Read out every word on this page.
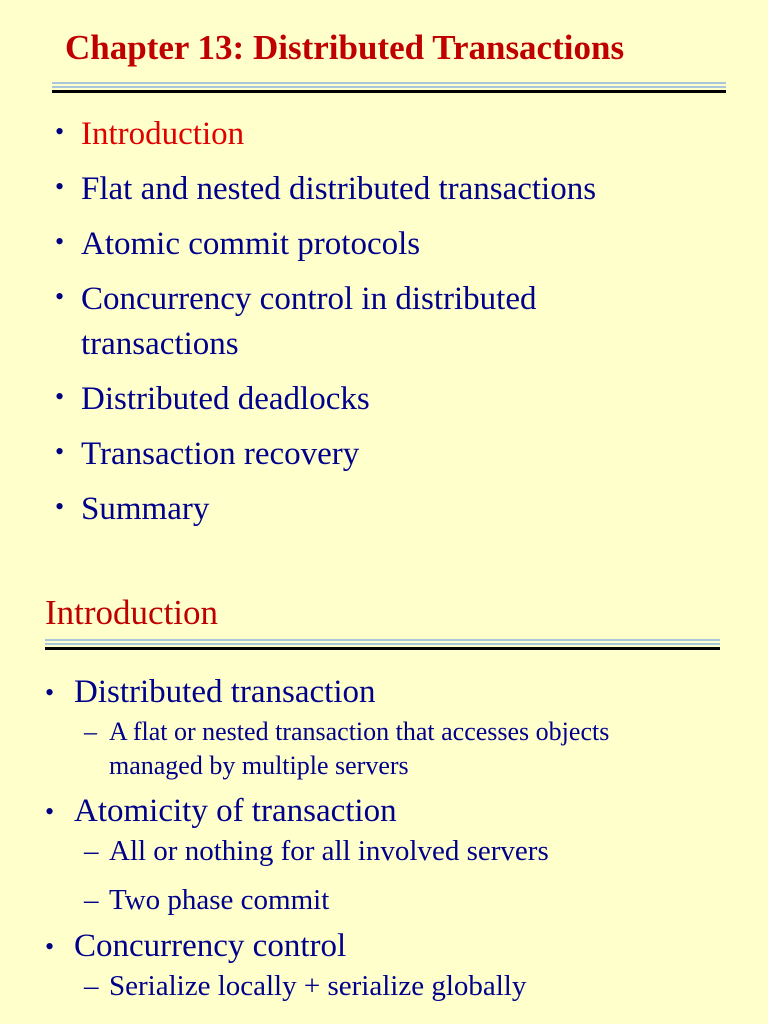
Chapter 13: Distributed Transactions
• Introduction
• Flat and nested distributed transactions
• Atomic commit protocols
• Concurrency control in distributed
transactions
• Distributed deadlocks
• Transaction recovery
• Summary
Introduction
• Distributed transaction
– A flat or nested transaction that accesses objects
managed by multiple servers
• Atomicity of transaction
– All or nothing for all involved servers
– Two phase commit
• Concurrency control
– Serialize locally + serialize globally
